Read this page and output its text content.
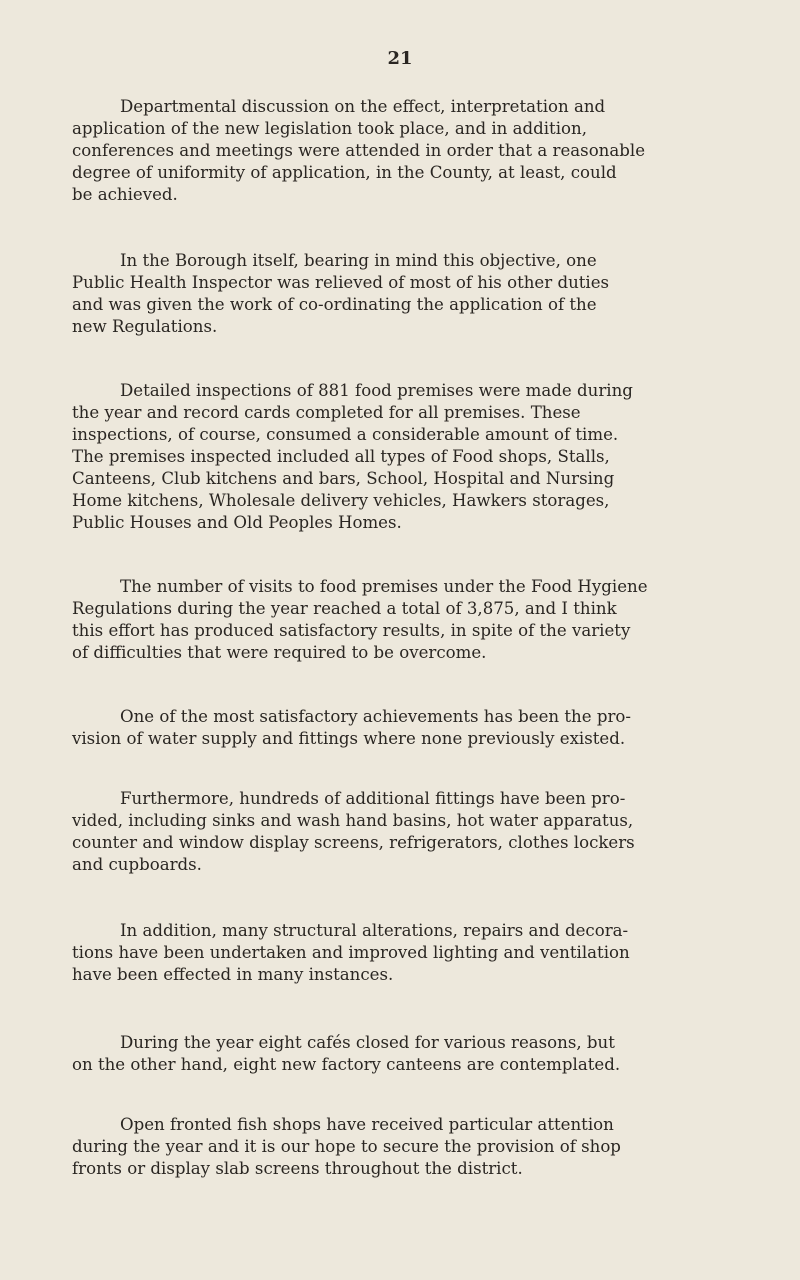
21
Departmental discussion on the effect, interpretation and
application of the new legislation took place, and in addition,
conferences and meetings were attended in order that a reasonable
degree of uniformity of application, in the County, at least, could
be achieved.
In the Borough itself, bearing in mind this objective, one
Public Health Inspector was relieved of most of his other duties
and was given the work of co-ordinating the application of the
new Regulations.
Detailed inspections of 881 food premises were made during
the year and record cards completed for all premises. These
inspections, of course, consumed a considerable amount of time.
The premises inspected included all types of Food shops, Stalls,
Canteens, Club kitchens and bars, School, Hospital and Nursing
Home kitchens, Wholesale delivery vehicles, Hawkers storages,
Public Houses and Old Peoples Homes.
The number of visits to food premises under the Food Hygiene
Regulations during the year reached a total of 3,875, and I think
this effort has produced satisfactory results, in spite of the variety
of difficulties that were required to be overcome.
One of the most satisfactory achievements has been the pro-
vision of water supply and fittings where none previously existed.
Furthermore, hundreds of additional fittings have been pro-
vided, including sinks and wash hand basins, hot water apparatus,
counter and window display screens, refrigerators, clothes lockers
and cupboards.
In addition, many structural alterations, repairs and decora-
tions have been undertaken and improved lighting and ventilation
have been effected in many instances.
During the year eight cafés closed for various reasons, but
on the other hand, eight new factory canteens are contemplated.
Open fronted fish shops have received particular attention
during the year and it is our hope to secure the provision of shop
fronts or display slab screens throughout the district.
